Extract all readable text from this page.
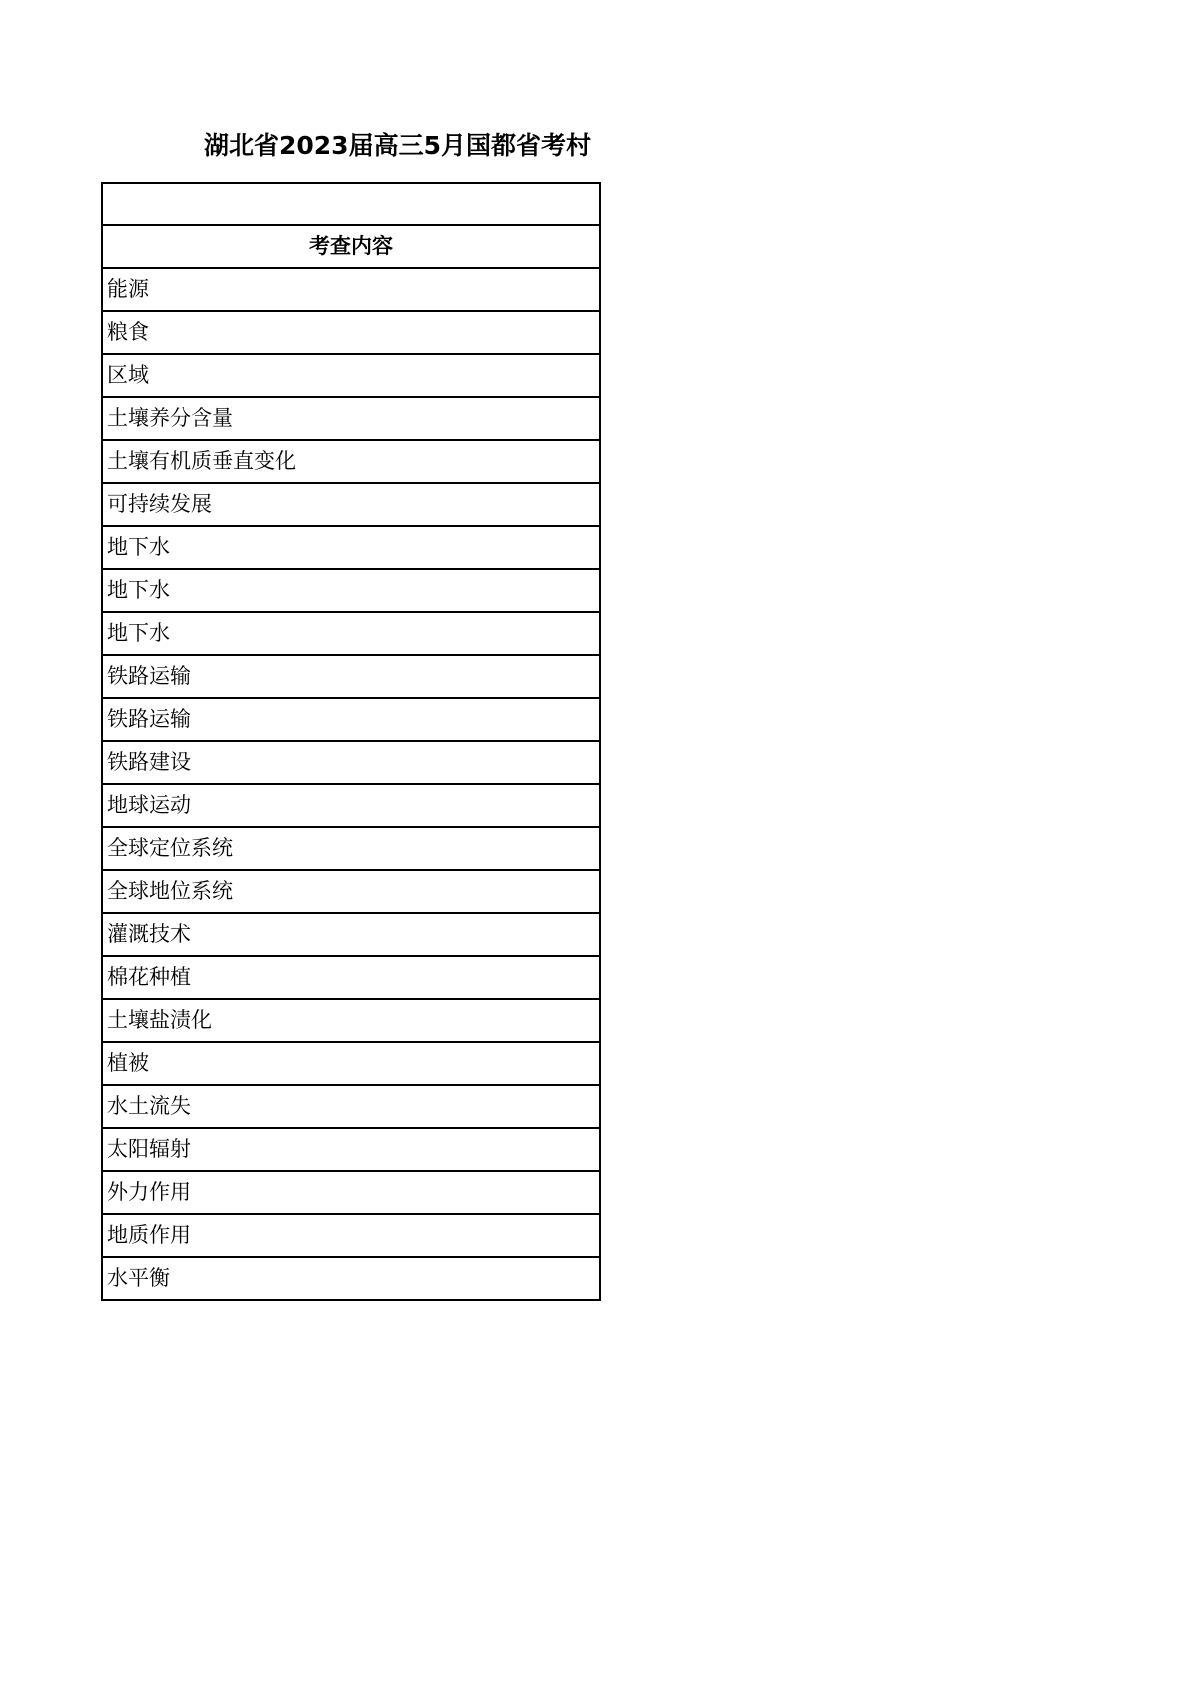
湖北省2023届高三5月国都省考村

考查内容
能源
粮食
区域
土壤养分含量
土壤有机质垂直变化
可持续发展
地下水
地下水
地下水
铁路运输
铁路运输
铁路建设
地球运动
全球定位系统
全球地位系统
灌溉技术
棉花种植
土壤盐渍化
植被
水土流失
太阳辐射
外力作用
地质作用
水平衡
